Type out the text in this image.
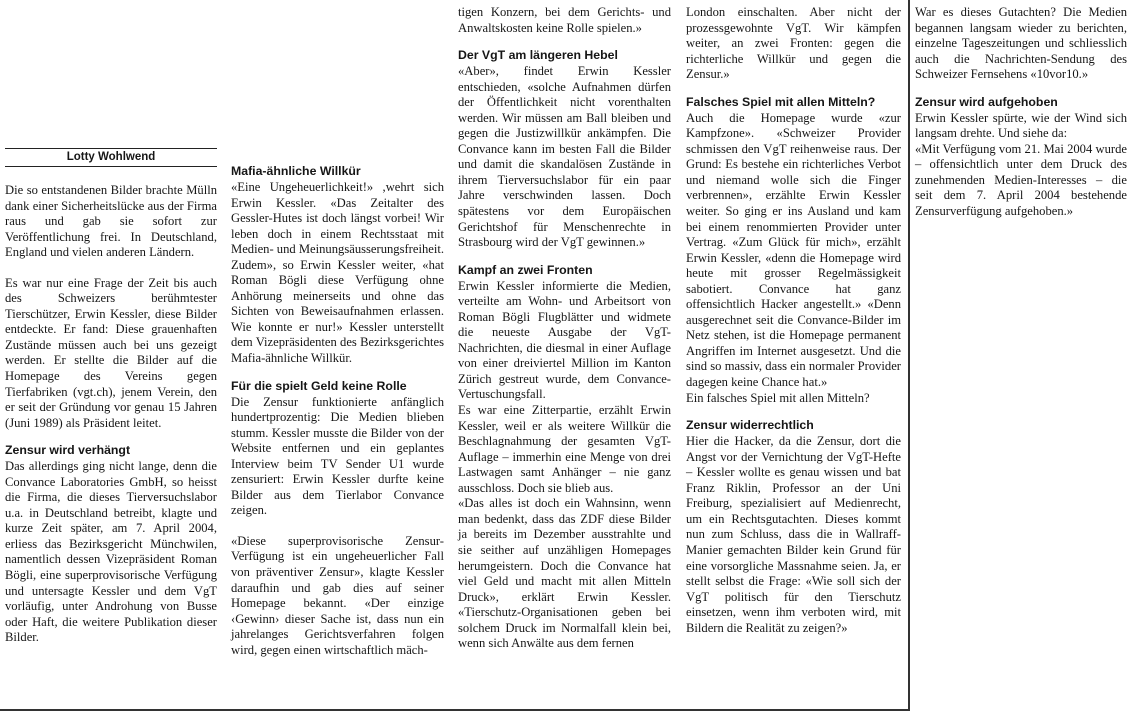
Lotty Wohlwend

Die so entstandenen Bilder brachte Mülln dank einer Sicherheitslücke aus der Firma raus und gab sie sofort zur Veröffentlichung frei. In Deutschland, England und vielen anderen Ländern.

Es war nur eine Frage der Zeit bis auch des Schweizers berühmtester Tierschützer, Erwin Kessler, diese Bilder entdeckte. Er fand: Diese grauenhaften Zustände müssen auch bei uns gezeigt werden. Er stellte die Bilder auf die Homepage des Vereins gegen Tierfabriken (vgt.ch), jenem Verein, den er seit der Gründung vor genau 15 Jahren (Juni 1989) als Präsident leitet.

Zensur wird verhängt

Das allerdings ging nicht lange, denn die Convance Laboratories GmbH, so heisst die Firma, die dieses Tierversuchslabor u.a. in Deutschland betreibt, klagte und kurze Zeit später, am 7. April 2004, erliess das Bezirksgericht Münchwilen, namentlich dessen Vizepräsident Roman Bögli, eine superprovisorische Verfügung und untersagte Kessler und dem VgT vorläufig, unter Androhung von Busse oder Haft, die weitere Publikation dieser Bilder.

Mafia-ähnliche Willkür

«Eine Ungeheuerlichkeit!» ,wehrt sich Erwin Kessler. «Das Zeitalter des Gessler-Hutes ist doch längst vorbei! Wir leben doch in einem Rechtsstaat mit Medien- und Meinungsäusserungsfreiheit. Zudem», so Erwin Kessler weiter, «hat Roman Bögli diese Verfügung ohne Anhörung meinerseits und ohne das Sichten von Beweisaufnahmen erlassen. Wie konnte er nur!» Kessler unterstellt dem Vizepräsidenten des Bezirksgerichtes Mafia-ähnliche Willkür.

Für die spielt Geld keine Rolle

Die Zensur funktionierte anfänglich hundertprozentig: Die Medien blieben stumm. Kessler musste die Bilder von der Website entfernen und ein geplantes Interview beim TV Sender U1 wurde zensuriert: Erwin Kessler durfte keine Bilder aus dem Tierlabor Convance zeigen.

«Diese superprovisorische Zensur-Verfügung ist ein ungeheuerlicher Fall von präventiver Zensur», klagte Kessler daraufhin und gab dies auf seiner Homepage bekannt. «Der einzige ‹Gewinn› dieser Sache ist, dass nun ein jahrelanges Gerichtsverfahren folgen wird, gegen einen wirtschaftlich mäch-

tigen Konzern, bei dem Gerichts- und Anwaltskosten keine Rolle spielen.»

Der VgT am längeren Hebel

«Aber», findet Erwin Kessler entschieden, «solche Aufnahmen dürfen der Öffentlichkeit nicht vorenthalten werden. Wir müssen am Ball bleiben und gegen die Justizwillkür ankämpfen. Die Convance kann im besten Fall die Bilder und damit die skandalösen Zustände in ihrem Tierversuchslabor für ein paar Jahre verschwinden lassen. Doch spätestens vor dem Europäischen Gerichtshof für Menschenrechte in Strasbourg wird der VgT gewinnen.»

Kampf an zwei Fronten

Erwin Kessler informierte die Medien, verteilte am Wohn- und Arbeitsort von Roman Bögli Flugblätter und widmete die neueste Ausgabe der VgT-Nachrichten, die diesmal in einer Auflage von einer dreiviertel Million im Kanton Zürich gestreut wurde, dem Convance-Vertuschungsfall.

Es war eine Zitterpartie, erzählt Erwin Kessler, weil er als weitere Willkür die Beschlagnahmung der gesamten VgT-Auflage – immerhin eine Menge von drei Lastwagen samt Anhänger – nie ganz ausschloss. Doch sie blieb aus.

«Das alles ist doch ein Wahnsinn, wenn man bedenkt, dass das ZDF diese Bilder ja bereits im Dezember ausstrahlte und sie seither auf unzähligen Homepages herumgeistern. Doch die Convance hat viel Geld und macht mit allen Mitteln Druck», erklärt Erwin Kessler. «Tierschutz-Organisationen geben bei solchem Druck im Normalfall klein bei, wenn sich Anwälte aus dem fernen

London einschalten. Aber nicht der prozessgewohnte VgT. Wir kämpfen weiter, an zwei Fronten: gegen die richterliche Willkür und gegen die Zensur.»

Falsches Spiel mit allen Mitteln?

Auch die Homepage wurde «zur Kampfzone». «Schweizer Provider schmissen den VgT reihenweise raus. Der Grund: Es bestehe ein richterliches Verbot und niemand wolle sich die Finger verbrennen», erzählte Erwin Kessler weiter. So ging er ins Ausland und kam bei einem renommierten Provider unter Vertrag. «Zum Glück für mich», erzählt Erwin Kessler, «denn die Homepage wird heute mit grosser Regelmässigkeit sabotiert. Convance hat ganz offensichtlich Hacker angestellt.» «Denn ausgerechnet seit die Convance-Bilder im Netz stehen, ist die Homepage permanent Angriffen im Internet ausgesetzt. Und die sind so massiv, dass ein normaler Provider dagegen keine Chance hat.»

Ein falsches Spiel mit allen Mitteln?

Zensur widerrechtlich

Hier die Hacker, da die Zensur, dort die Angst vor der Vernichtung der VgT-Hefte – Kessler wollte es genau wissen und bat Franz Riklin, Professor an der Uni Freiburg, spezialisiert auf Medienrecht, um ein Rechtsgutachten. Dieses kommt nun zum Schluss, dass die in Wallraff-Manier gemachten Bilder kein Grund für eine vorsorgliche Massnahme seien. Ja, er stellt selbst die Frage: «Wie soll sich der VgT politisch für den Tierschutz einsetzen, wenn ihm verboten wird, mit Bildern die Realität zu zeigen?»

War es dieses Gutachten? Die Medien begannen langsam wieder zu berichten, einzelne Tageszeitungen und schliesslich auch die Nachrichten-Sendung des Schweizer Fernsehens «10vor10.»

Zensur wird aufgehoben

Erwin Kessler spürte, wie der Wind sich langsam drehte. Und siehe da:

«Mit Verfügung vom 21. Mai 2004 wurde – offensichtlich unter dem Druck des zunehmenden Medien-Interesses – die seit dem 7. April 2004 bestehende Zensurverfügung aufgehoben.»
